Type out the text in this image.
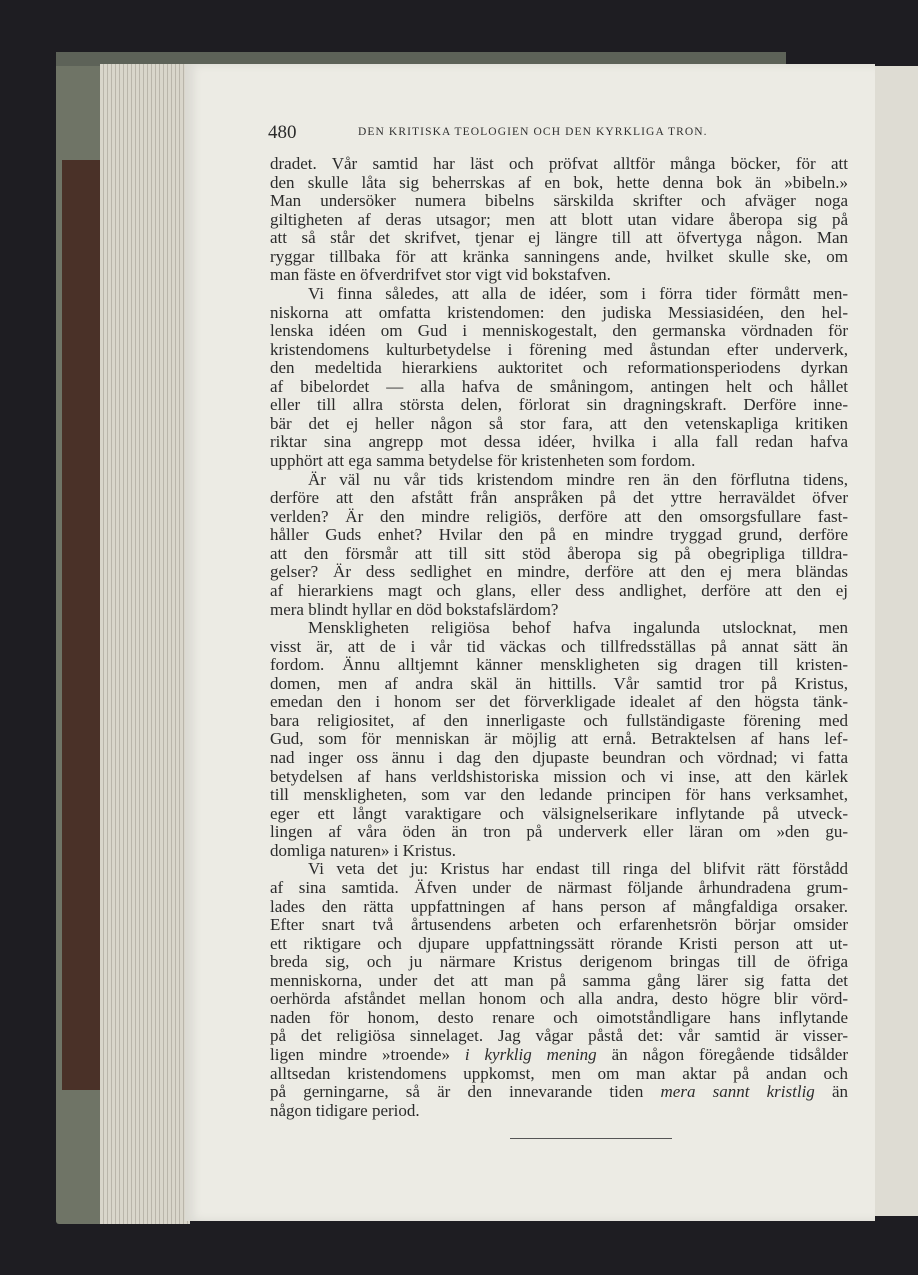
480	DEN KRITISKA TEOLOGIEN OCH DEN KYRKLIGA TRON.
dradet. Vår samtid har läst och pröfvat alltför många böcker, för att
den skulle låta sig beherrskas af en bok, hette denna bok än »bibeln.»
Man undersöker numera bibelns särskilda skrifter och afväger noga
giltigheten af deras utsagor; men att blott utan vidare åberopa sig på
att så står det skrifvet, tjenar ej längre till att öfvertyga någon. Man
ryggar tillbaka för att kränka sanningens ande, hvilket skulle ske, om
man fäste en öfverdrifvet stor vigt vid bokstafven.
Vi finna således, att alla de idéer, som i förra tider förmått men-
niskorna att omfatta kristendomen: den judiska Messiasidéen, den hel-
lenska idéen om Gud i menniskogestalt, den germanska vördnaden för
kristendomens kulturbetydelse i förening med åstundan efter underverk,
den medeltida hierarkiens auktoritet och reformationsperiodens dyrkan
af bibelordet — alla hafva de småningom, antingen helt och hållet
eller till allra största delen, förlorat sin dragningskraft. Derföre inne-
bär det ej heller någon så stor fara, att den vetenskapliga kritiken
riktar sina angrepp mot dessa idéer, hvilka i alla fall redan hafva
upphört att ega samma betydelse för kristenheten som fordom.
Är väl nu vår tids kristendom mindre ren än den förflutna tidens,
derföre att den afstått från anspråken på det yttre herraväldet öfver
verlden? Är den mindre religiös, derföre att den omsorgsfullare fast-
håller Guds enhet? Hvilar den på en mindre tryggad grund, derföre
att den försmår att till sitt stöd åberopa sig på obegripliga tilldra-
gelser? Är dess sedlighet en mindre, derföre att den ej mera bländas
af hierarkiens magt och glans, eller dess andlighet, derföre att den ej
mera blindt hyllar en död bokstafslärdom?
Menskligheten religiösa behof hafva ingalunda utslocknat, men
visst är, att de i vår tid väckas och tillfredsställas på annat sätt än
fordom. Ännu alltjemnt känner menskligheten sig dragen till kristen-
domen, men af andra skäl än hittills. Vår samtid tror på Kristus,
emedan den i honom ser det förverkligade idealet af den högsta tänk-
bara religiositet, af den innerligaste och fullständigaste förening med
Gud, som för menniskan är möjlig att ernå. Betraktelsen af hans lef-
nad inger oss ännu i dag den djupaste beundran och vördnad; vi fatta
betydelsen af hans verldshistoriska mission och vi inse, att den kärlek
till menskligheten, som var den ledande principen för hans verksamhet,
eger ett långt varaktigare och välsignelserikare inflytande på utveck-
lingen af våra öden än tron på underverk eller läran om »den gu-
domliga naturen» i Kristus.
Vi veta det ju: Kristus har endast till ringa del blifvit rätt förstådd
af sina samtida. Äfven under de närmast följande århundradena grum-
lades den rätta uppfattningen af hans person af mångfaldiga orsaker.
Efter snart två årtusendens arbeten och erfarenhetsrön börjar omsider
ett riktigare och djupare uppfattningssätt rörande Kristi person att ut-
breda sig, och ju närmare Kristus derigenom bringas till de öfriga
menniskorna, under det att man på samma gång lärer sig fatta det
oerhörda afståndet mellan honom och alla andra, desto högre blir vörd-
naden för honom, desto renare och oimotståndligare hans inflytande
på det religiösa sinnelaget. Jag vågar påstå det: vår samtid är visser-
ligen mindre »troende» i kyrklig mening än någon föregående tidsålder
alltsedan kristendomens uppkomst, men om man aktar på andan och
på gerningarne, så är den innevarande tiden mera sannt kristlig än
någon tidigare period.
